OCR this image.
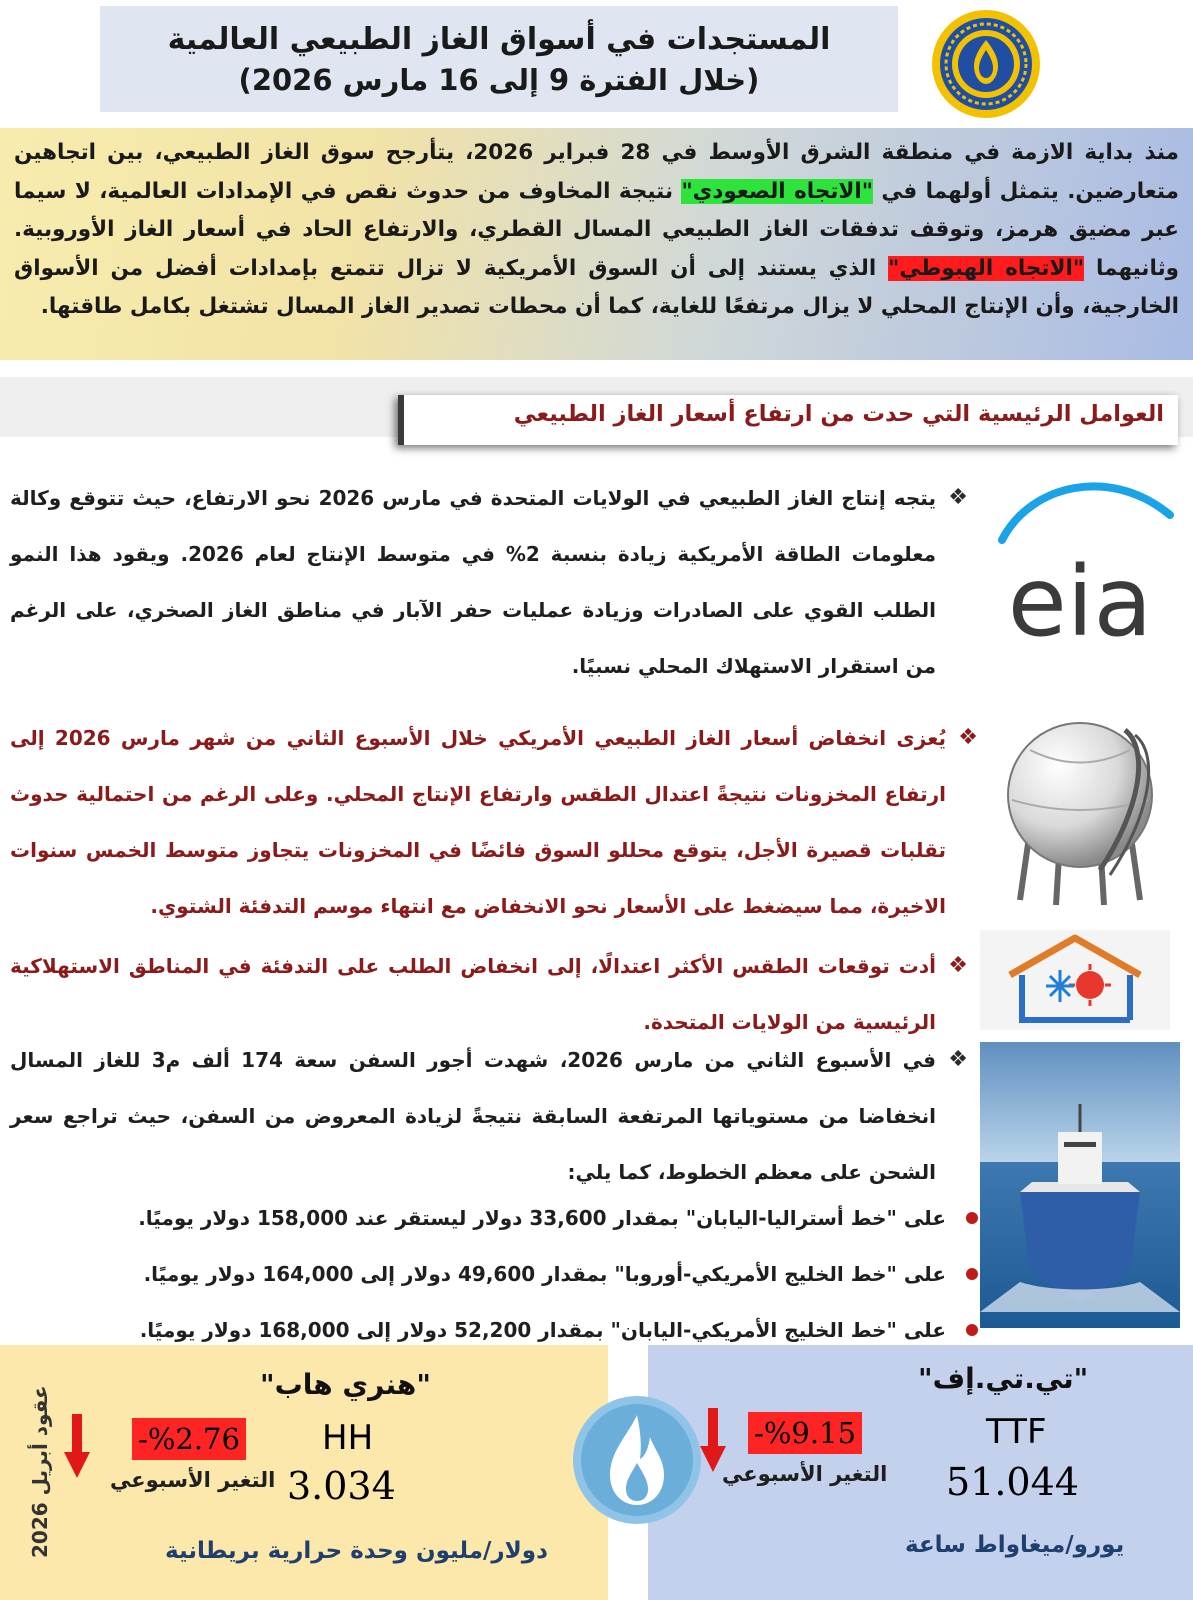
المستجدات في أسواق الغاز الطبيعي العالمية
(خلال الفترة 9 إلى 16 مارس 2026)
منذ بداية الازمة في منطقة الشرق الأوسط في 28 فبراير 2026، يتأرجح سوق الغاز الطبيعي، بين اتجاهين متعارضين. يتمثل أولهما في "الاتجاه الصعودي" نتيجة المخاوف من حدوث نقص في الإمدادات العالمية، لا سيما عبر مضيق هرمز، وتوقف تدفقات الغاز الطبيعي المسال القطري، والارتفاع الحاد في أسعار الغاز الأوروبية. وثانيهما "الاتجاه الهبوطي" الذي يستند إلى أن السوق الأمريكية لا تزال تتمتع بإمدادات أفضل من الأسواق الخارجية، وأن الإنتاج المحلي لا يزال مرتفعًا للغاية، كما أن محطات تصدير الغاز المسال تشتغل بكامل طاقتها.
العوامل الرئيسية التي حدت من ارتفاع أسعار الغاز الطبيعي
❖
يتجه إنتاج الغاز الطبيعي في الولايات المتحدة في مارس 2026 نحو الارتفاع، حيث تتوقع وكالة معلومات الطاقة الأمريكية زيادة بنسبة 2% في متوسط الإنتاج لعام 2026. ويقود هذا النمو الطلب القوي على الصادرات وزيادة عمليات حفر الآبار في مناطق الغاز الصخري، على الرغم من استقرار الاستهلاك المحلي نسبيًا.
❖
يُعزى انخفاض أسعار الغاز الطبيعي الأمريكي خلال الأسبوع الثاني من شهر مارس 2026 إلى ارتفاع المخزونات نتيجةً اعتدال الطقس وارتفاع الإنتاج المحلي. وعلى الرغم من احتمالية حدوث تقلبات قصيرة الأجل، يتوقع محللو السوق فائضًا في المخزونات يتجاوز متوسط الخمس سنوات الاخيرة، مما سيضغط على الأسعار نحو الانخفاض مع انتهاء موسم التدفئة الشتوي.
❖
أدت توقعات الطقس الأكثر اعتدالًا، إلى انخفاض الطلب على التدفئة في المناطق الاستهلاكية الرئيسية من الولايات المتحدة.
❖
في الأسبوع الثاني من مارس 2026، شهدت أجور السفن سعة 174 ألف م3 للغاز المسال انخفاضا من مستوياتها المرتفعة السابقة نتيجةً لزيادة المعروض من السفن، حيث تراجع سعر الشحن على معظم الخطوط، كما يلي:
على "خط أستراليا-اليابان" بمقدار 33,600 دولار ليستقر عند 158,000 دولار يوميًا.
على "خط الخليج الأمريكي-أوروبا" بمقدار 49,600 دولار إلى 164,000 دولار يوميًا.
على "خط الخليج الأمريكي-اليابان" بمقدار 52,200 دولار إلى 168,000 دولار يوميًا.
eia
عقود أبريل 2026
"هنري هاب"
HH
3.034
%2.76-
التغير الأسبوعي
دولار/مليون وحدة حرارية بريطانية
"تي.تي.إف"
TTF
51.044
%9.15-
التغير الأسبوعي
يورو/ميغاواط ساعة
